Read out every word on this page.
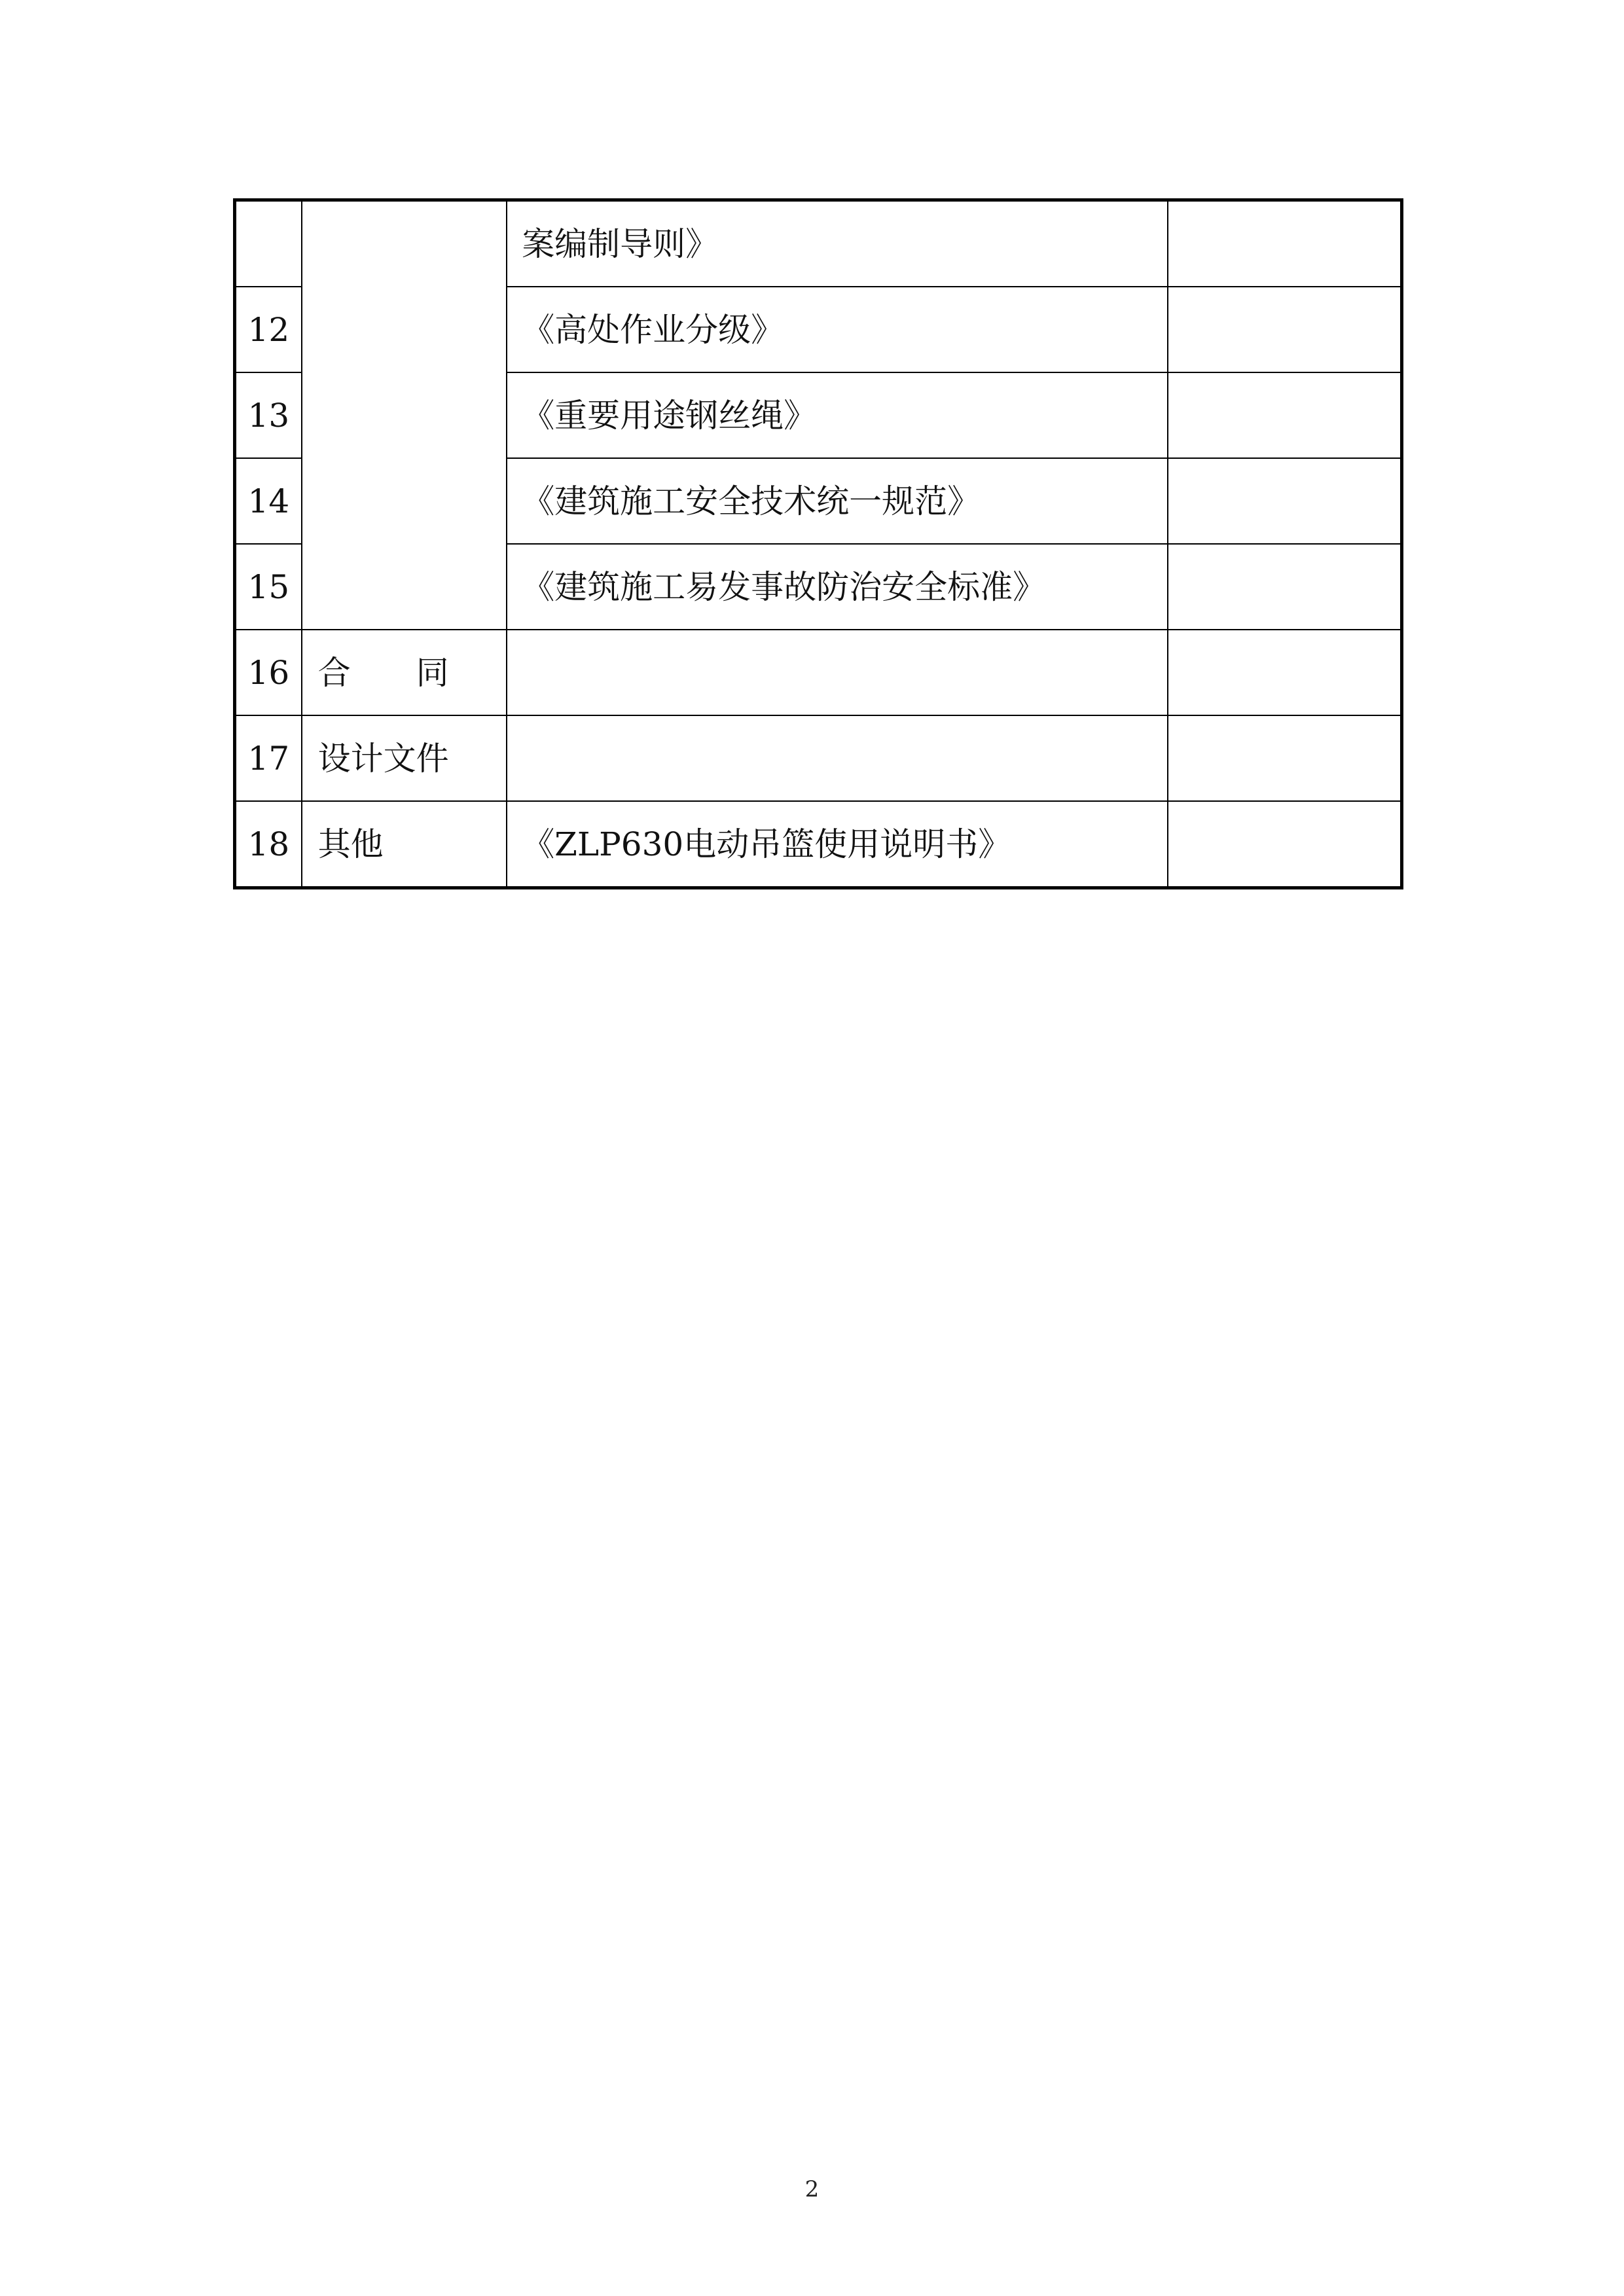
		案编制导则》	
12		《高处作业分级》	
13		《重要用途钢丝绳》	
14		《建筑施工安全技术统一规范》	
15		《建筑施工易发事故防治安全标准》	
16	合 同		
17	设计文件		
18	其他	《ZLP630电动吊篮使用说明书》	
2
